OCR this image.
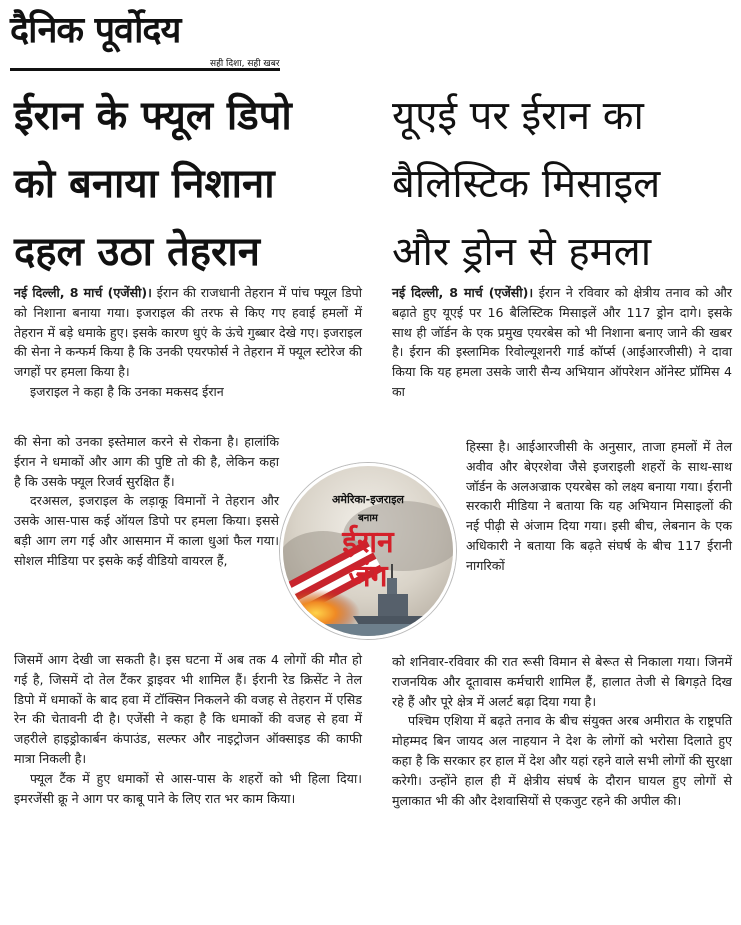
दैनिक पूर्वोदय
सही दिशा, सही खबर
ईरान के फ्यूल डिपो
को बनाया निशाना
दहल उठा तेहरान
यूएई पर ईरान का
बैलिस्टिक मिसाइल
और ड्रोन से हमला

नई दिल्ली, 8 मार्च (एजेंसी)। ईरान की राजधानी तेहरान में पांच फ्यूल डिपो को निशाना बनाया गया। इजराइल की तरफ से किए गए हवाई हमलों में तेहरान में बड़े धमाके हुए। इसके कारण धुएं के ऊंचे गुब्बार देखे गए। इजराइल की सेना ने कन्फर्म किया है कि उनकी एयरफोर्स ने तेहरान में फ्यूल स्टोरेज की जगहों पर हमला किया है।

इजराइल ने कहा है कि उनका मकसद ईरान

की सेना को उनका इस्तेमाल करने से रोकना है। हालांकि ईरान ने धमाकों और आग की पुष्टि तो की है, लेकिन कहा है कि उसके फ्यूल रिजर्व सुरक्षित हैं।

दरअसल, इजराइल के लड़ाकू विमानों ने तेहरान और उसके आस-पास कई ऑयल डिपो पर हमला किया। इससे बड़ी आग लग गई और आसमान में काला धुआं फैल गया। सोशल मीडिया पर इसके कई वीडियो वायरल हैं,

जिसमें आग देखी जा सकती है। इस घटना में अब तक 4 लोगों की मौत हो गई है, जिसमें दो तेल टैंकर ड्राइवर भी शामिल हैं। ईरानी रेड क्रिसेंट ने तेल डिपो में धमाकों के बाद हवा में टॉक्सिन निकलने की वजह से तेहरान में एसिड रेन की चेतावनी दी है। एजेंसी ने कहा है कि धमाकों की वजह से हवा में जहरीले हाइड्रोकार्बन कंपाउंड, सल्फर और नाइट्रोजन ऑक्साइड की काफी मात्रा निकली है।

फ्यूल टैंक में हुए धमाकों से आस-पास के शहरों को भी हिला दिया। इमरजेंसी क्रू ने आग पर काबू पाने के लिए रात भर काम किया।

नई दिल्ली, 8 मार्च (एजेंसी)। ईरान ने रविवार को क्षेत्रीय तनाव को और बढ़ाते हुए यूएई पर 16 बैलिस्टिक मिसाइलें और 117 ड्रोन दागे। इसके साथ ही जॉर्डन के एक प्रमुख एयरबेस को भी निशाना बनाए जाने की खबर है। ईरान की इस्लामिक रिवोल्यूशनरी गार्ड कॉर्प्स (आईआरजीसी) ने दावा किया कि यह हमला उसके जारी सैन्य अभियान ऑपरेशन ऑनेस्ट प्रॉमिस 4 का

हिस्सा है। आईआरजीसी के अनुसार, ताजा हमलों में तेल अवीव और बेएरशेवा जैसे इजराइली शहरों के साथ-साथ जॉर्डन के अलअज्राक एयरबेस को लक्ष्य बनाया गया। ईरानी सरकारी मीडिया ने बताया कि यह अभियान मिसाइलों की नई पीढ़ी से अंजाम दिया गया। इसी बीच, लेबनान के एक अधिकारी ने बताया कि बढ़ते संघर्ष के बीच 117 ईरानी नागरिकों

को शनिवार-रविवार की रात रूसी विमान से बेरूत से निकाला गया। जिनमें राजनयिक और दूतावास कर्मचारी शामिल हैं, हालात तेजी से बिगड़ते दिख रहे हैं और पूरे क्षेत्र में अलर्ट बढ़ा दिया गया है।

पश्चिम एशिया में बढ़ते तनाव के बीच संयुक्त अरब अमीरात के राष्ट्रपति मोहम्मद बिन जायद अल नाहयान ने देश के लोगों को भरोसा दिलाते हुए कहा है कि सरकार हर हाल में देश और यहां रहने वाले सभी लोगों की सुरक्षा करेगी। उन्होंने हाल ही में क्षेत्रीय संघर्ष के दौरान घायल हुए लोगों से मुलाकात भी की और देशवासियों से एकजुट रहने की अपील की।

अमेरिका-इजराइल
बनाम
ईरान
जंग
